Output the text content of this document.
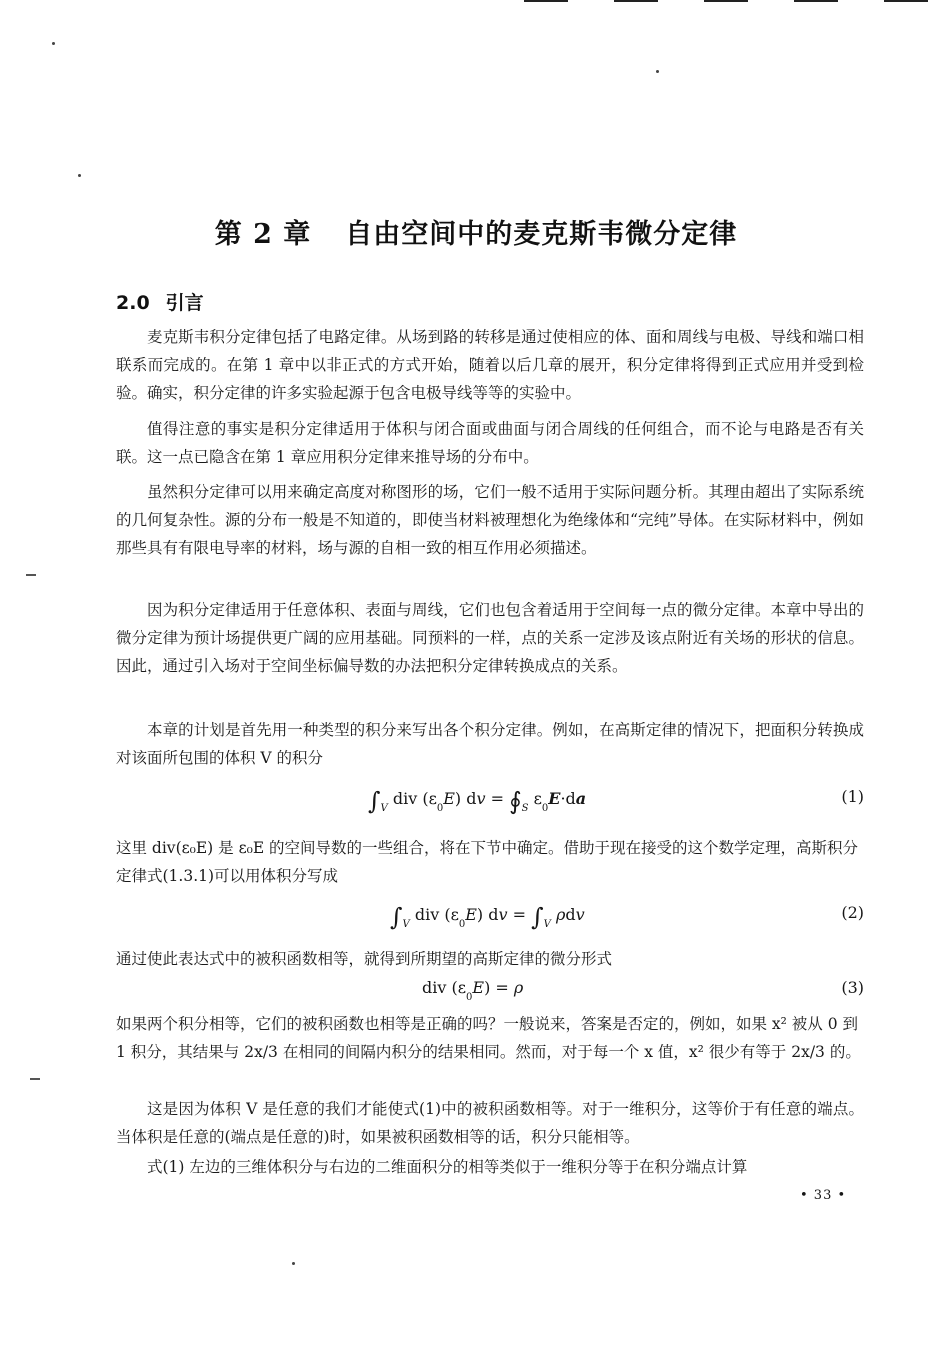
第 2 章 自由空间中的麦克斯韦微分定律
2.0 引言

麦克斯韦积分定律包括了电路定律。从场到路的转移是通过使相应的体、面和周线与电极、导线和端口相联系而完成的。在第 1 章中以非正式的方式开始，随着以后几章的展开，积分定律将得到正式应用并受到检验。确实，积分定律的许多实验起源于包含电极导线等等的实验中。

值得注意的事实是积分定律适用于体积与闭合面或曲面与闭合周线的任何组合，而不论与电路是否有关联。这一点已隐含在第 1 章应用积分定律来推导场的分布中。

虽然积分定律可以用来确定高度对称图形的场，它们一般不适用于实际问题分析。其理由超出了实际系统的几何复杂性。源的分布一般是不知道的，即使当材料被理想化为绝缘体和“完纯”导体。在实际材料中，例如那些具有有限电导率的材料，场与源的自相一致的相互作用必须描述。

因为积分定律适用于任意体积、表面与周线，它们也包含着适用于空间每一点的微分定律。本章中导出的微分定律为预计场提供更广阔的应用基础。同预料的一样，点的关系一定涉及该点附近有关场的形状的信息。因此，通过引入场对于空间坐标偏导数的办法把积分定律转换成点的关系。

本章的计划是首先用一种类型的积分来写出各个积分定律。例如，在高斯定律的情况下，把面积分转换成对该面所包围的体积 V 的积分

$\int_V$ div $(\varepsilon_0E)$ dv = $∮_S$ $\varepsilon_0E\cdot da$	(1)

这里 div(ε₀E) 是 ε₀E 的空间导数的一些组合，将在下节中确定。借助于现在接受的这个数学定理，高斯积分定律式(1.3.1)可以用体积分写成

$\int_V$ div $(\varepsilon_0E)$ dv = $\int_V$ ρdv	(2)

通过使此表达式中的被积函数相等，就得到所期望的高斯定律的微分形式

div $(\varepsilon_0E) = \rho$	(3)

如果两个积分相等，它们的被积函数也相等是正确的吗？一般说来，答案是否定的，例如，如果 x² 被从 0 到 1 积分，其结果与 2x/3 在相同的间隔内积分的结果相同。然而，对于每一个 x 值，x² 很少有等于 2x/3 的。

这是因为体积 V 是任意的我们才能使式(1)中的被积函数相等。对于一维积分，这等价于有任意的端点。当体积是任意的(端点是任意的)时，如果被积函数相等的话，积分只能相等。

式(1) 左边的三维体积分与右边的二维面积分的相等类似于一维积分等于在积分端点计算

• 33 •
